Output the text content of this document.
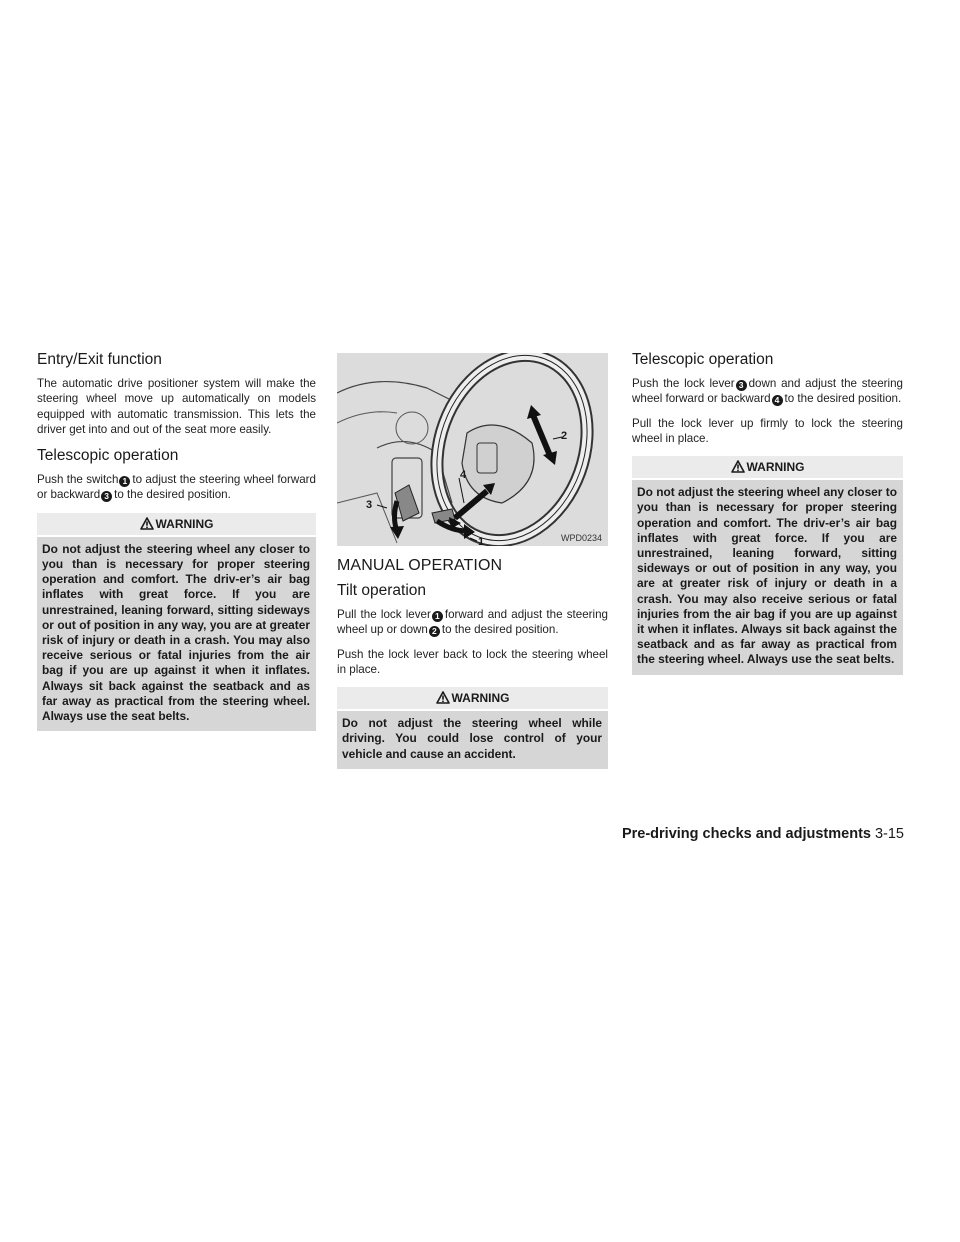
Entry/Exit function

The automatic drive positioner system will make the steering wheel move up automatically on models equipped with automatic transmission. This lets the driver get into and out of the seat more easily.

Telescopic operation

Push the switch 1 to adjust the steering wheel forward or backward 3 to the desired position.

WARNING
Do not adjust the steering wheel any closer to you than is necessary for proper steering operation and comfort. The driv-er’s air bag inflates with great force. If you are unrestrained, leaning forward, sitting sideways or out of position in any way, you are at greater risk of injury or death in a crash. You may also receive serious or fatal injuries from the air bag if you are up against it when it inflates. Always sit back against the seatback and as far away as practical from the steering wheel. Always use the seat belts.
2
4
3
1	WPD0234
MANUAL OPERATION
Tilt operation

Pull the lock lever 1 forward and adjust the steering wheel up or down 2 to the desired position.

Push the lock lever back to lock the steering wheel in place.

WARNING
Do not adjust the steering wheel while driving. You could lose control of your vehicle and cause an accident.
Telescopic operation

Push the lock lever 3 down and adjust the steering wheel forward or backward 4 to the desired position.

Pull the lock lever up firmly to lock the steering wheel in place.

WARNING
Do not adjust the steering wheel any closer to you than is necessary for proper steering operation and comfort. The driv-er’s air bag inflates with great force. If you are unrestrained, leaning forward, sitting sideways or out of position in any way, you are at greater risk of injury or death in a crash. You may also receive serious or fatal injuries from the air bag if you are up against it when it inflates. Always sit back against the seatback and as far away as practical from the steering wheel. Always use the seat belts.
Pre-driving checks and adjustments 3-15
